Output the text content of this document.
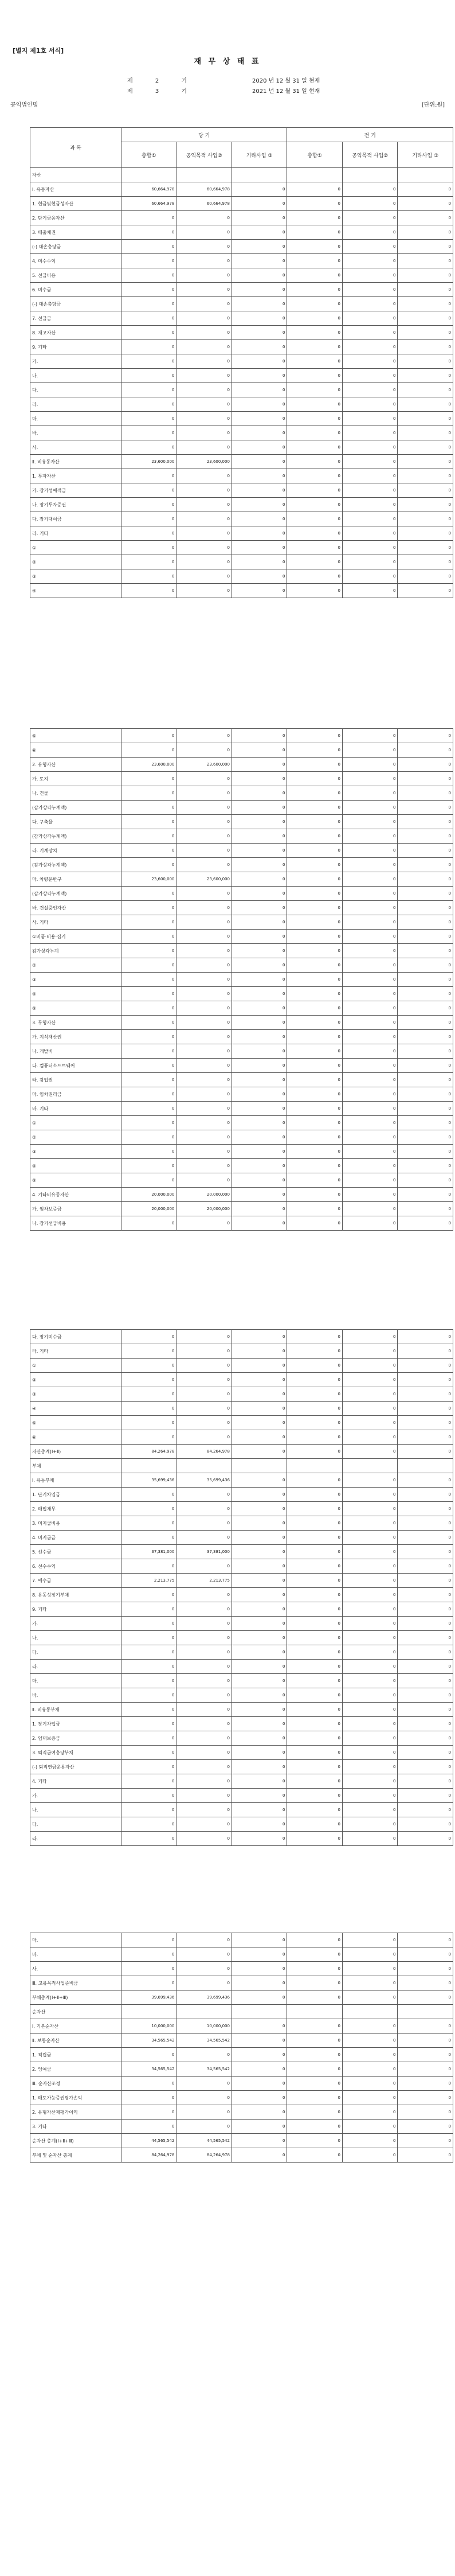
[별지 제1호 서식]
재 무 상 태 표
제 2 기	2020 년 12 월 31 일 현재
제 3 기	2021 년 12 월 31 일 현재
공익법인명	[단위:원]
과 목	당 기			전 기		
	총합①	공익목적 사업②	기타사업 ③	총합①	공익목적 사업②	기타사업 ③
자산						
Ⅰ. 유동자산	60,664,978	60,664,978	0	0	0	0
1. 현금및현금성자산	60,664,978	60,664,978	0	0	0	0
2. 단기금융자산	0	0	0	0	0	0
3. 매출채권	0	0	0	0	0	0
(-) 대손충당금	0	0	0	0	0	0
4. 미수수익	0	0	0	0	0	0
5. 선급비용	0	0	0	0	0	0
6. 미수금	0	0	0	0	0	0
(-) 대손충당금	0	0	0	0	0	0
7. 선급금	0	0	0	0	0	0
8. 재고자산	0	0	0	0	0	0
9. 기타	0	0	0	0	0	0
가.	0	0	0	0	0	0
나.	0	0	0	0	0	0
다.	0	0	0	0	0	0
라.	0	0	0	0	0	0
마.	0	0	0	0	0	0
바.	0	0	0	0	0	0
사.	0	0	0	0	0	0
Ⅱ. 비유동자산	23,600,000	23,600,000	0	0	0	0
1. 투자자산	0	0	0	0	0	0
가. 장기성예적금	0	0	0	0	0	0
나. 장기투자증권	0	0	0	0	0	0
다. 장기대여금	0	0	0	0	0	0
라. 기타	0	0	0	0	0	0
①	0	0	0	0	0	0
②	0	0	0	0	0	0
③	0	0	0	0	0	0
④	0	0	0	0	0	0
⑤	0	0	0	0	0	0
⑥	0	0	0	0	0	0
2. 유형자산	23,600,000	23,600,000	0	0	0	0
가. 토지	0	0	0	0	0	0
나. 건물	0	0	0	0	0	0
(감가상각누계액)	0	0	0	0	0	0
다. 구축물	0	0	0	0	0	0
(감가상각누계액)	0	0	0	0	0	0
라. 기계장치	0	0	0	0	0	0
(감가상각누계액)	0	0	0	0	0	0
마. 차량운반구	23,600,000	23,600,000	0	0	0	0
(감가상각누계액)	0	0	0	0	0	0
바. 건설중인자산	0	0	0	0	0	0
사. 기타	0	0	0	0	0	0
①비품·비용·집기	0	0	0	0	0	0
감가상각누계	0	0	0	0	0	0
②	0	0	0	0	0	0
③	0	0	0	0	0	0
④	0	0	0	0	0	0
⑤	0	0	0	0	0	0
3. 무형자산	0	0	0	0	0	0
가. 지식재산권	0	0	0	0	0	0
나. 개발비	0	0	0	0	0	0
다. 컴퓨터소프트웨어	0	0	0	0	0	0
라. 광업권	0	0	0	0	0	0
마. 임차권리금	0	0	0	0	0	0
바. 기타	0	0	0	0	0	0
①	0	0	0	0	0	0
②	0	0	0	0	0	0
③	0	0	0	0	0	0
④	0	0	0	0	0	0
⑤	0	0	0	0	0	0
4. 기타비유동자산	20,000,000	20,000,000	0	0	0	0
가. 임차보증금	20,000,000	20,000,000	0	0	0	0
나. 장기선급비용	0	0	0	0	0	0
다. 장기미수금	0	0	0	0	0	0
라. 기타	0	0	0	0	0	0
①	0	0	0	0	0	0
②	0	0	0	0	0	0
③	0	0	0	0	0	0
④	0	0	0	0	0	0
⑤	0	0	0	0	0	0
⑥	0	0	0	0	0	0
자산총계(Ⅰ+Ⅱ)	84,264,978	84,264,978	0	0	0	0
부채						
Ⅰ. 유동부채	35,699,436	35,699,436	0	0	0	0
1. 단기차입금	0	0	0	0	0	0
2. 매입채무	0	0	0	0	0	0
3. 미지급비용	0	0	0	0	0	0
4. 미지급금	0	0	0	0	0	0
5. 선수금	37,381,000	37,381,000	0	0	0	0
6. 선수수익	0	0	0	0	0	0
7. 예수금	2,213,775	2,213,775	0	0	0	0
8. 유동성장기부채	0	0	0	0	0	0
9. 기타	0	0	0	0	0	0
가.	0	0	0	0	0	0
나.	0	0	0	0	0	0
다.	0	0	0	0	0	0
라.	0	0	0	0	0	0
마.	0	0	0	0	0	0
바.	0	0	0	0	0	0
Ⅱ. 비유동부채	0	0	0	0	0	0
1. 장기차입금	0	0	0	0	0	0
2. 임대보증금	0	0	0	0	0	0
3. 퇴직급여충당부채	0	0	0	0	0	0
(-) 퇴직연금운용자산	0	0	0	0	0	0
4. 기타	0	0	0	0	0	0
가.	0	0	0	0	0	0
나.	0	0	0	0	0	0
다.	0	0	0	0	0	0
라.	0	0	0	0	0	0
마.	0	0	0	0	0	0
바.	0	0	0	0	0	0
사.	0	0	0	0	0	0
Ⅲ. 고유목적사업준비금	0	0	0	0	0	0
부채총계(Ⅰ+Ⅱ+Ⅲ)	39,699,436	39,699,436	0	0	0	0
순자산						
Ⅰ. 기본순자산	10,000,000	10,000,000	0	0	0	0
Ⅱ. 보통순자산	34,565,542	34,565,542	0	0	0	0
1. 적립금	0	0	0	0	0	0
2. 잉여금	34,565,542	34,565,542	0	0	0	0
Ⅲ. 순자산조정	0	0	0	0	0	0
1. 매도가능증권평가손익	0	0	0	0	0	0
2. 유형자산재평가이익	0	0	0	0	0	0
3. 기타	0	0	0	0	0	0
순자산 총계(Ⅰ+Ⅱ+Ⅲ)	44,565,542	44,565,542	0	0	0	0
부채 및 순자산 총계	84,264,978	84,264,978	0	0	0	0
